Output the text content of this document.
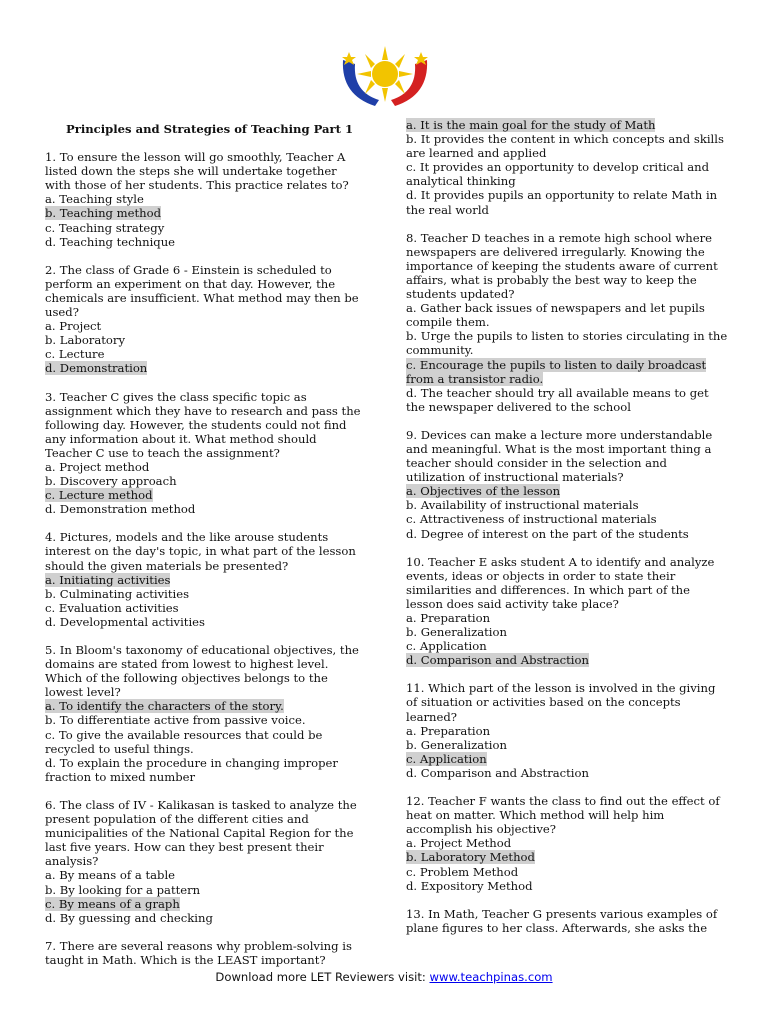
Principles and Strategies of Teaching Part 1
1. To ensure the lesson will go smoothly, Teacher A listed down the steps she will undertake together with those of her students. This practice relates to?
a. Teaching style
b. Teaching method
c. Teaching strategy
d. Teaching technique
2. The class of Grade 6 - Einstein is scheduled to perform an experiment on that day. However, the chemicals are insufficient. What method may then be used?
a. Project
b. Laboratory
c. Lecture
d. Demonstration
3. Teacher C gives the class specific topic as assignment which they have to research and pass the following day. However, the students could not find any information about it. What method should Teacher C use to teach the assignment?
a. Project method
b. Discovery approach
c. Lecture method
d. Demonstration method
4. Pictures, models and the like arouse students interest on the day's topic, in what part of the lesson should the given materials be presented?
a. Initiating activities
b. Culminating activities
c. Evaluation activities
d. Developmental activities
5. In Bloom's taxonomy of educational objectives, the domains are stated from lowest to highest level. Which of the following objectives belongs to the lowest level?
a. To identify the characters of the story.
b. To differentiate active from passive voice.
c. To give the available resources that could be recycled to useful things.
d. To explain the procedure in changing improper fraction to mixed number
6. The class of IV - Kalikasan is tasked to analyze the present population of the different cities and municipalities of the National Capital Region for the last five years. How can they best present their analysis?
a. By means of a table
b. By looking for a pattern
c. By means of a graph
d. By guessing and checking
7. There are several reasons why problem-solving is taught in Math. Which is the LEAST important?
a. It is the main goal for the study of Math
b. It provides the content in which concepts and skills are learned and applied
c. It provides an opportunity to develop critical and analytical thinking
d. It provides pupils an opportunity to relate Math in the real world
8. Teacher D teaches in a remote high school where newspapers are delivered irregularly. Knowing the importance of keeping the students aware of current affairs, what is probably the best way to keep the students updated?
a. Gather back issues of newspapers and let pupils compile them.
b. Urge the pupils to listen to stories circulating in the community.
c. Encourage the pupils to listen to daily broadcast from a transistor radio.
d. The teacher should try all available means to get the newspaper delivered to the school
9. Devices can make a lecture more understandable and meaningful. What is the most important thing a teacher should consider in the selection and utilization of instructional materials?
a. Objectives of the lesson
b. Availability of instructional materials
c. Attractiveness of instructional materials
d. Degree of interest on the part of the students
10. Teacher E asks student A to identify and analyze events, ideas or objects in order to state their similarities and differences. In which part of the lesson does said activity take place?
a. Preparation
b. Generalization
c. Application
d. Comparison and Abstraction
11. Which part of the lesson is involved in the giving of situation or activities based on the concepts learned?
a. Preparation
b. Generalization
c. Application
d. Comparison and Abstraction
12. Teacher F wants the class to find out the effect of heat on matter. Which method will help him accomplish his objective?
a. Project Method
b. Laboratory Method
c. Problem Method
d. Expository Method
13. In Math, Teacher G presents various examples of plane figures to her class. Afterwards, she asks the
Download more LET Reviewers visit: www.teachpinas.com
